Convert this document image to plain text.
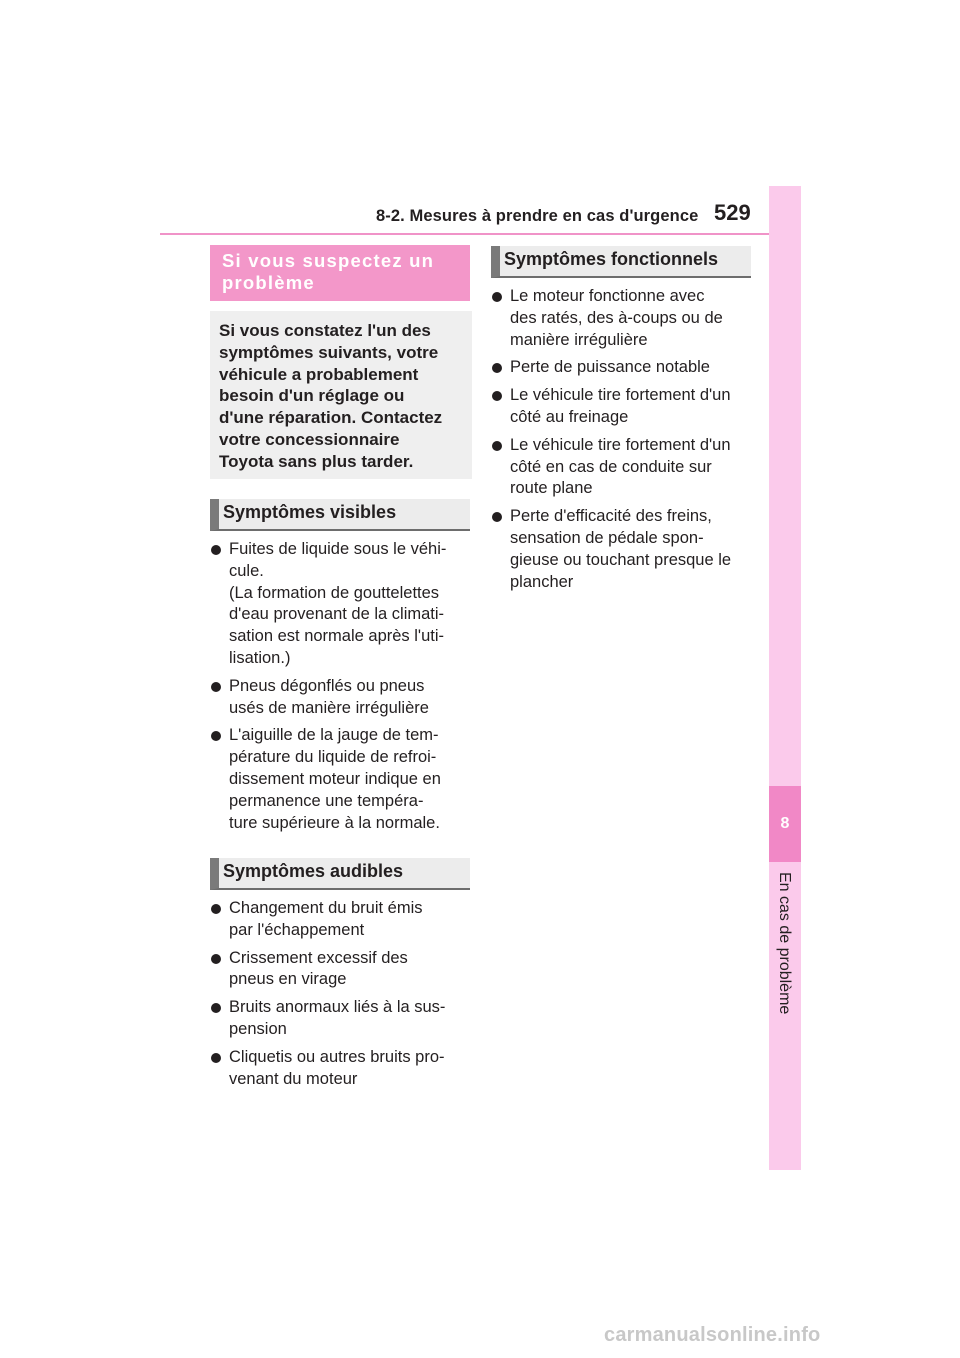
8-2. Mesures à prendre en cas d'urgence 529
8
En cas de problème
Si vous suspectez un problème
Si vous constatez l'un des
symptômes suivants, votre
véhicule a probablement
besoin d'un réglage ou
d'une réparation. Contactez
votre concessionnaire
Toyota sans plus tarder.
Symptômes visibles
Fuites de liquide sous le véhi-
cule.
(La formation de gouttelettes
d'eau provenant de la climati-
sation est normale après l'uti-
lisation.)
Pneus dégonflés ou pneus
usés de manière irrégulière
L'aiguille de la jauge de tem-
pérature du liquide de refroi-
dissement moteur indique en
permanence une tempéra-
ture supérieure à la normale.
Symptômes audibles
Changement du bruit émis
par l'échappement
Crissement excessif des
pneus en virage
Bruits anormaux liés à la sus-
pension
Cliquetis ou autres bruits pro-
venant du moteur
Symptômes fonctionnels
Le moteur fonctionne avec
des ratés, des à-coups ou de
manière irrégulière
Perte de puissance notable
Le véhicule tire fortement d'un
côté au freinage
Le véhicule tire fortement d'un
côté en cas de conduite sur
route plane
Perte d'efficacité des freins,
sensation de pédale spon-
gieuse ou touchant presque le
plancher
carmanualsonline.info
